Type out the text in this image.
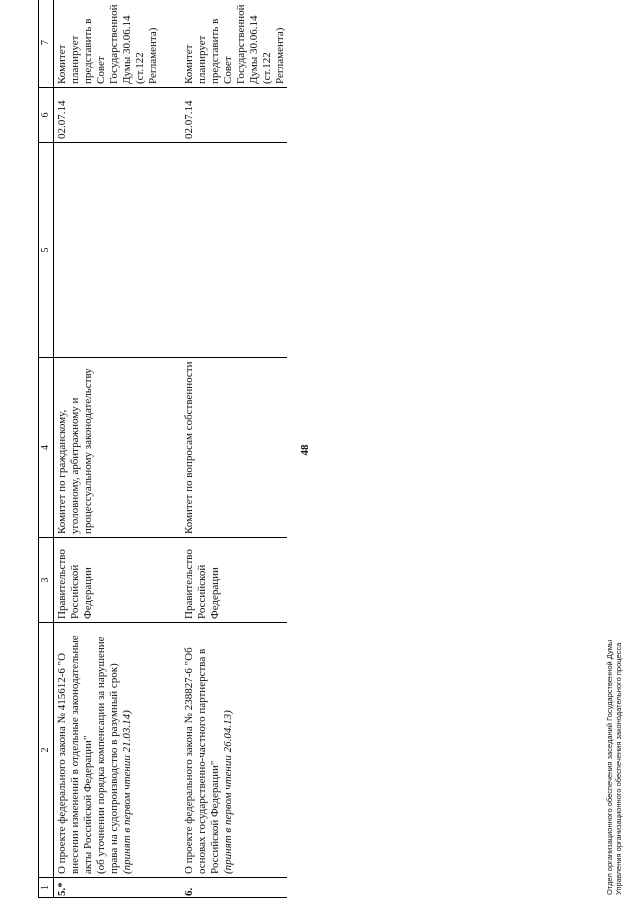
48
1	2	3	4	5	6	7
5.*	О проекте федерального закона № 415612-6 "О внесении изменений в отдельные законодательные акты Российской Федерации" (об уточнении порядка компенсации за нарушение права на судопроизводство в разумный срок) (принят в первом чтении 21.03.14)	Правительство Российской Федерации	Комитет по гражданскому, уголовному, арбитражному и процессуальному законодательству		02.07.14	Комитет планирует представить в Совет Государственной Думы 30.06.14 (ст.122 Регламента)
6.	О проекте федерального закона № 238827-6 "Об основах государственно-частного партнерства в Российской Федерации" (принят в первом чтении 26.04.13)	Правительство Российской Федерации	Комитет по вопросам собственности		02.07.14	Комитет планирует представить в Совет Государственной Думы 30.06.14 (ст.122 Регламента)
Отдел организационного обеспечения заседаний Государственной Думы Управления организационного обеспечения законодательного процесса
